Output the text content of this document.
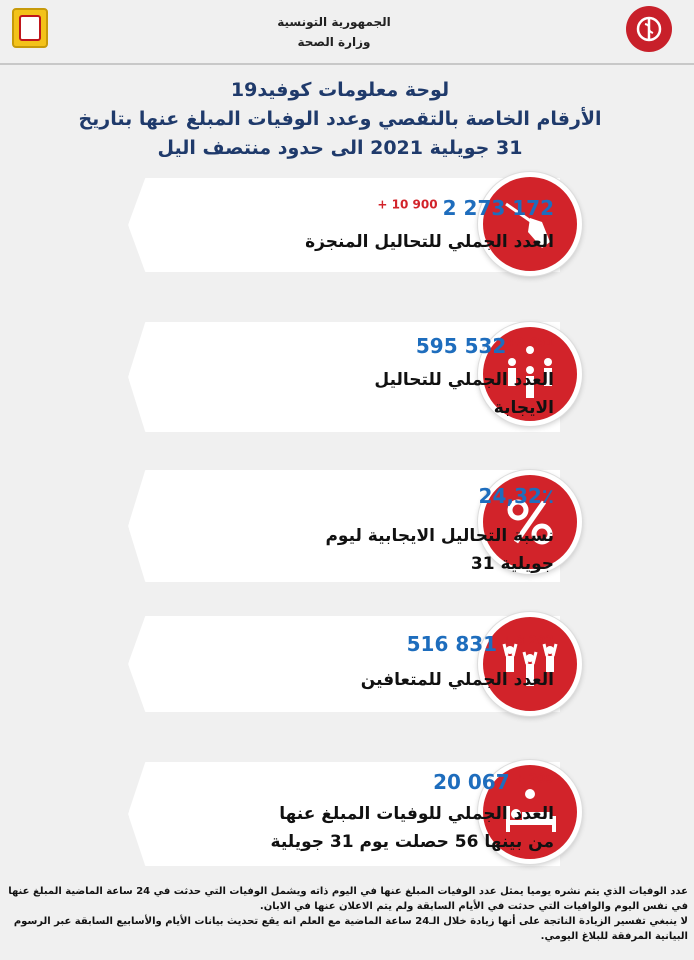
الجمهورية التونسية
وزارة الصحة
لوحة معلومات كوفيد19
الأرقام الخاصة بالتقصي وعدد الوفيات المبلغ عنها بتاريخ
31 جويلية 2021 الى حدود منتصف اليل
$^{+ 10 900}$ 2 273 172
العدد الجملي للتحاليل المنجزة
595 $532^{+2 651}$
العدد الجملي للتحاليل
الايجابة
24,32٪
نسبة التحاليل الايجابية ليوم
جويلية 31
516 831 $^{+ 3 202}$
العدد الجملي للمتعافين
20 067 $^{+ 209}$
العدد الجملي للوفيات المبلغ عنها
من بينها 56 حصلت يوم 31 جويلية

عدد الوفيات الذي يتم نشره يوميا يمثل عدد الوفيات المبلغ عنها في اليوم ذاته ويشمل الوفيات التي حدثت في 24 ساعة الماضية المبلغ عنها في نفس اليوم والوافيات التي حدثت في الأيام السابقة ولم يتم الاعلان عنها في الابان.

لا ينبغي تفسير الزيادة الناتجة على أنها زيادة خلال الـ24 ساعة الماضية مع العلم انه يقع تحديث بيانات الأيام والأسابيع السابقة عبر الرسوم البيانية المرفقة للبلاغ اليومي.
